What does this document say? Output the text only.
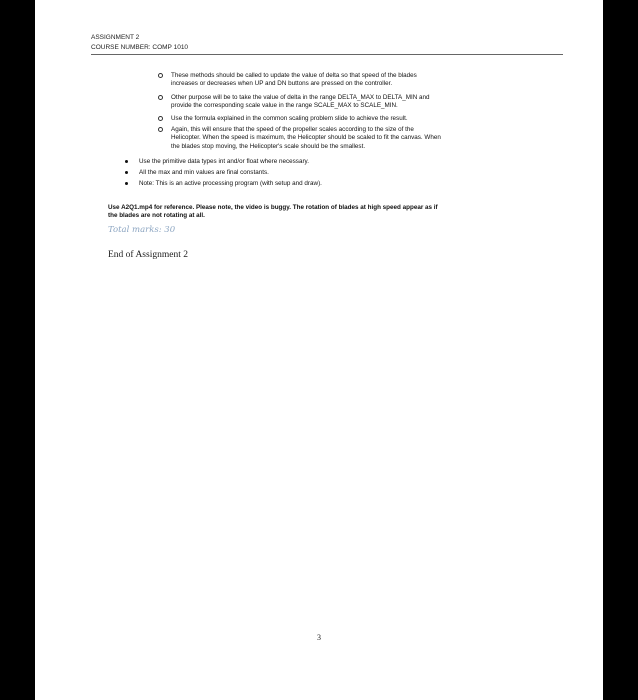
ASSIGNMENT 2
COURSE NUMBER: COMP 1010
These methods should be called to update the value of delta so that speed of the blades
increases or decreases when UP and DN buttons are pressed on the controller.
Other purpose will be to take the value of delta in the range DELTA_MAX to DELTA_MIN and
provide the corresponding scale value in the range SCALE_MAX to SCALE_MIN.
Use the formula explained in the common scaling problem slide to achieve the result.
Again, this will ensure that the speed of the propeller scales according to the size of the
Helicopter. When the speed is maximum, the Helicopter should be scaled to fit the canvas. When
the blades stop moving, the Helicopter's scale should be the smallest.
Use the primitive data types int and/or float where necessary.
All the max and min values are final constants.
Note: This is an active processing program (with setup and draw).
Use A2Q1.mp4 for reference. Please note, the video is buggy. The rotation of blades at high speed appear as if
the blades are not rotating at all.
Total marks: 30
End of Assignment 2
3
